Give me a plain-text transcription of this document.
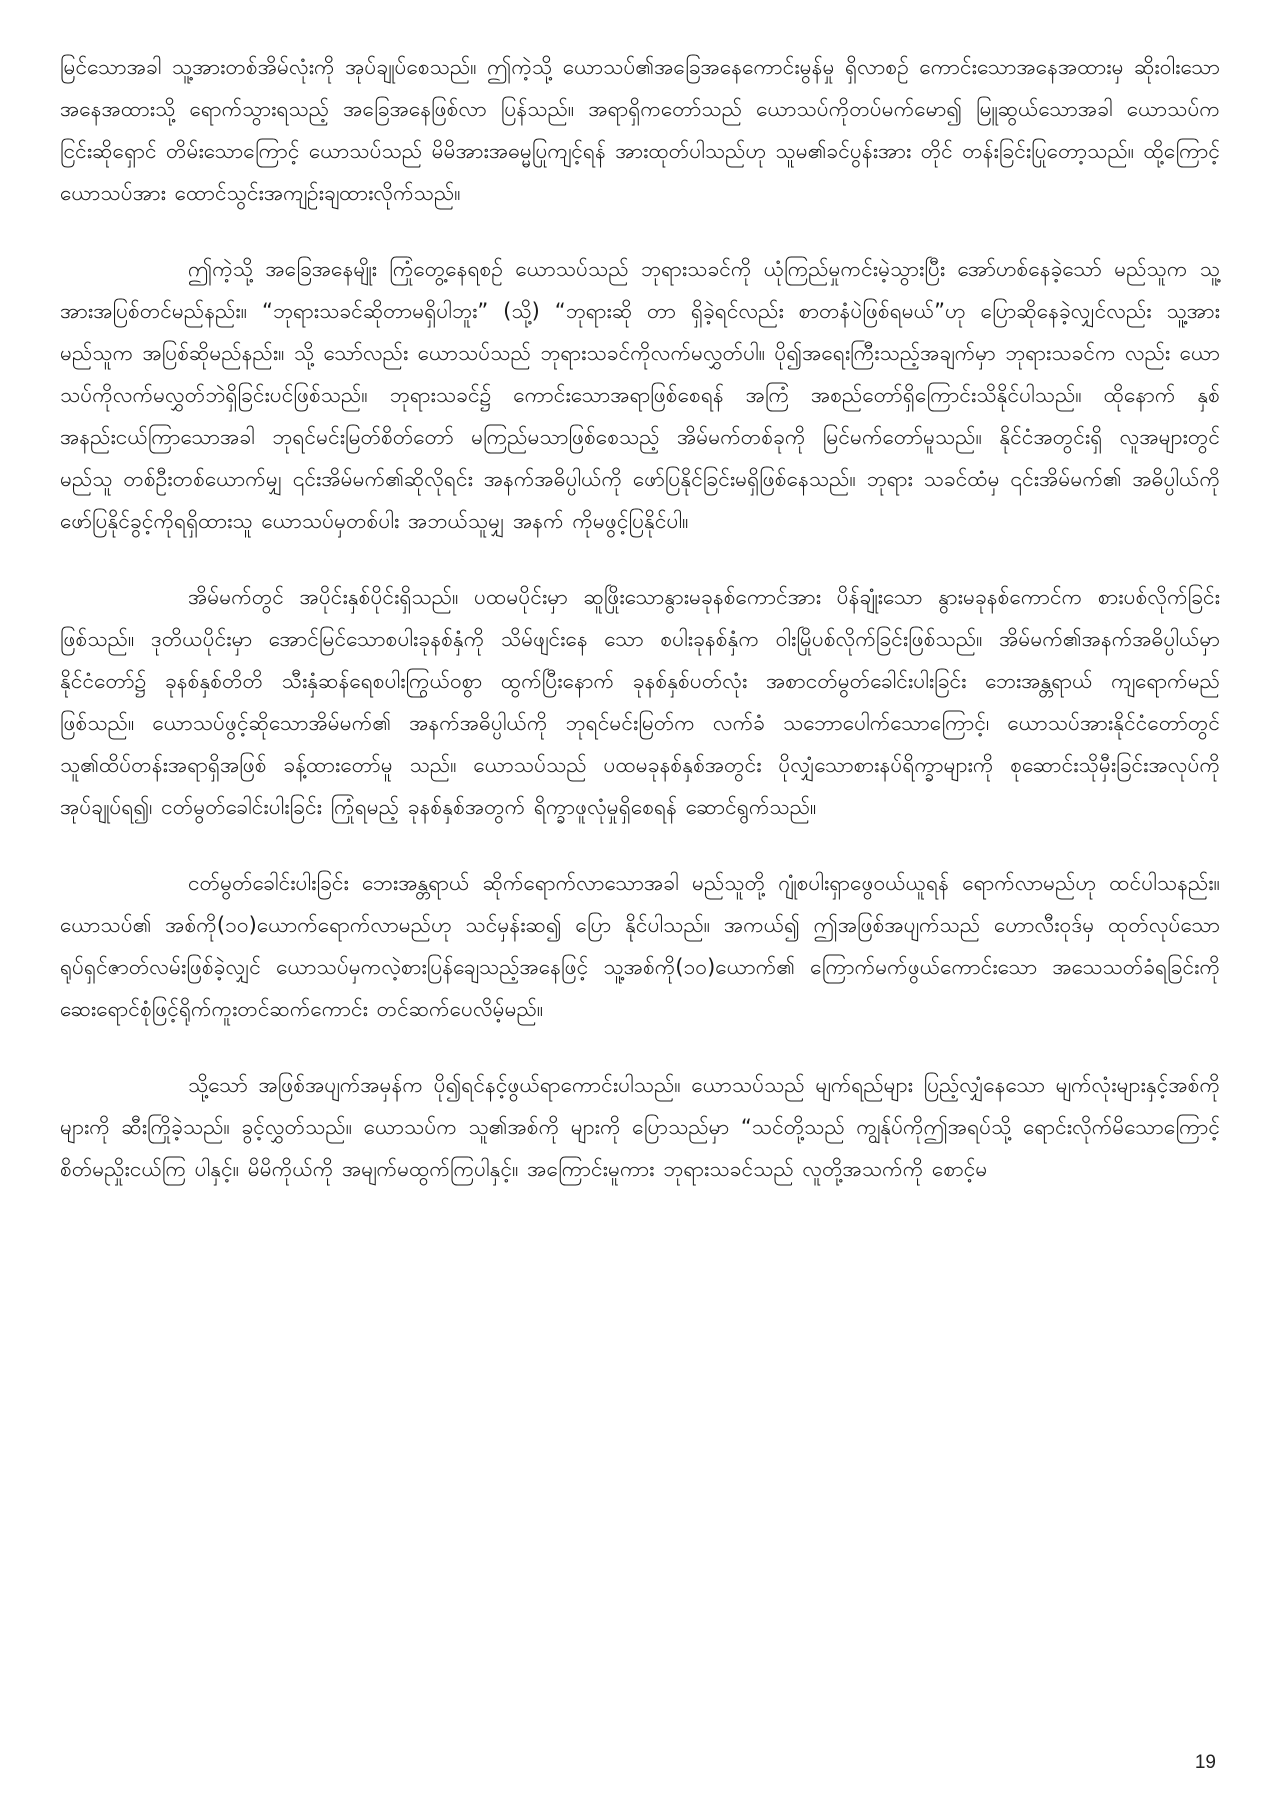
မြင်သောအခါ သူ့အားတစ်အိမ်လုံးကို အုပ်ချုပ်စေသည်။ ဤကဲ့သို့ ယောသပ်၏အခြေအနေကောင်းမွန်မှု ရှိလာစဉ် ကောင်းသောအနေအထားမှ ဆိုးဝါးသောအနေအထားသို့ ရောက်သွားရသည့် အခြေအနေဖြစ်လာ ပြန်သည်။ အရာရှိကတော်သည် ယောသပ်ကိုတပ်မက်မော၍ မြူဆွယ်သောအခါ ယောသပ်က ငြင်းဆိုရှောင် တိမ်းသောကြောင့် ယောသပ်သည် မိမိအားအဓမ္မပြုကျင့်ရန် အားထုတ်ပါသည်ဟု သူမ၏ခင်ပွန်းအား တိုင် တန်းခြင်းပြုတော့သည်။ ထို့ကြောင့် ယောသပ်အား ထောင်သွင်းအကျဉ်းချထားလိုက်သည်။

ဤကဲ့သို့ အခြေအနေမျိုး ကြုံတွေ့နေရစဉ် ယောသပ်သည် ဘုရားသခင်ကို ယုံကြည်မှုကင်းမဲ့သွားပြီး အော်ဟစ်နေခဲ့သော် မည်သူက သူ့အားအပြစ်တင်မည်နည်း။ “ဘုရားသခင်ဆိုတာမရှိပါဘူး” (သို့) “ဘုရားဆို တာ ရှိခဲ့ရင်လည်း စာတနံပဲဖြစ်ရမယ်”ဟု ပြောဆိုနေခဲ့လျှင်လည်း သူ့အားမည်သူက အပြစ်ဆိုမည်နည်း။ သို့ သော်လည်း ယောသပ်သည် ဘုရားသခင်ကိုလက်မလွှတ်ပါ။ ပို၍အရေးကြီးသည့်အချက်မှာ ဘုရားသခင်က လည်း ယောသပ်ကိုလက်မလွှတ်ဘဲရှိခြင်းပင်ဖြစ်သည်။ ဘုရားသခင်၌ ကောင်းသောအရာဖြစ်စေရန် အကြံ အစည်တော်ရှိကြောင်းသိနိုင်ပါသည်။ ထိုနောက် နှစ်အနည်းငယ်ကြာသောအခါ ဘုရင်မင်းမြတ်စိတ်တော် မကြည်မသာဖြစ်စေသည့် အိမ်မက်တစ်ခုကို မြင်မက်တော်မူသည်။ နိုင်ငံအတွင်းရှိ လူအများတွင် မည်သူ တစ်ဦးတစ်ယောက်မျှ ၎င်းအိမ်မက်၏ဆိုလိုရင်း အနက်အဓိပ္ပါယ်ကို ဖော်ပြနိုင်ခြင်းမရှိဖြစ်နေသည်။ ဘုရား သခင်ထံမှ ၎င်းအိမ်မက်၏ အဓိပ္ပါယ်ကိုဖော်ပြနိုင်ခွင့်ကိုရရှိထားသူ ယောသပ်မှတစ်ပါး အဘယ်သူမျှ အနက် ကိုမဖွင့်ပြနိုင်ပါ။

အိမ်မက်တွင် အပိုင်းနှစ်ပိုင်းရှိသည်။ ပထမပိုင်းမှာ ဆူဖြိုးသောနွားမခုနစ်ကောင်အား ပိန်ချုံးသော နွားမခုနစ်ကောင်က စားပစ်လိုက်ခြင်းဖြစ်သည်။ ဒုတိယပိုင်းမှာ အောင်မြင်သောစပါးခုနစ်နှံကို သိမ်ဖျင်းနေ သော စပါးခုနစ်နှံက ဝါးမြိုပစ်လိုက်ခြင်းဖြစ်သည်။ အိမ်မက်၏အနက်အဓိပ္ပါယ်မှာ နိုင်ငံတော်၌ ခုနစ်နှစ်တိတိ သီးနှံဆန်ရေစပါးကြွယ်ဝစွာ ထွက်ပြီးနောက် ခုနစ်နှစ်ပတ်လုံး အစာငတ်မွတ်ခေါင်းပါးခြင်း ဘေးအန္တရာယ် ကျရောက်မည်ဖြစ်သည်။ ယောသပ်ဖွင့်ဆိုသောအိမ်မက်၏ အနက်အဓိပ္ပါယ်ကို ဘုရင်မင်းမြတ်က လက်ခံ သဘောပေါက်သောကြောင့်၊ ယောသပ်အားနိုင်ငံတော်တွင် သူ၏ထိပ်တန်းအရာရှိအဖြစ် ခန့်ထားတော်မူ သည်။ ယောသပ်သည် ပထမခုနစ်နှစ်အတွင်း ပိုလျှံသောစားနပ်ရိက္ခာများကို စုဆောင်းသိုမှီးခြင်းအလုပ်ကို အုပ်ချုပ်ရ၍၊ ငတ်မွတ်ခေါင်းပါးခြင်း ကြုံရမည့် ခုနစ်နှစ်အတွက် ရိက္ခာဖူလုံမှုရှိစေရန် ဆောင်ရွက်သည်။

ငတ်မွတ်ခေါင်းပါးခြင်း ဘေးအန္တရာယ် ဆိုက်ရောက်လာသောအခါ မည်သူတို့ ဂျုံစပါးရှာဖွေဝယ်ယူရန် ရောက်လာမည်ဟု ထင်ပါသနည်း။ ယောသပ်၏ အစ်ကို(၁၀)ယောက်ရောက်လာမည်ဟု သင်မှန်းဆ၍ ပြော နိုင်ပါသည်။ အကယ်၍ ဤအဖြစ်အပျက်သည် ဟောလီးဝုဒ်မှ ထုတ်လုပ်သော ရုပ်ရှင်ဇာတ်လမ်းဖြစ်ခဲ့လျှင် ယောသပ်မှကလဲ့စားပြန်ချေသည့်အနေဖြင့် သူ့အစ်ကို(၁၀)ယောက်၏ ကြောက်မက်ဖွယ်ကောင်းသော အသေသတ်ခံရခြင်းကို ဆေးရောင်စုံဖြင့်ရိုက်ကူးတင်ဆက်ကောင်း တင်ဆက်ပေလိမ့်မည်။

သို့သော် အဖြစ်အပျက်အမှန်က ပို၍ရင်နင့်ဖွယ်ရာကောင်းပါသည်။ ယောသပ်သည် မျက်ရည်များ ပြည့်လျှံနေသော မျက်လုံးများနှင့်အစ်ကိုများကို ဆီးကြိုခဲ့သည်။ ခွင့်လွှတ်သည်။ ယောသပ်က သူ၏အစ်ကို များကို ပြောသည်မှာ “သင်တို့သည် ကျွန်ုပ်ကိုဤအရပ်သို့ ရောင်းလိုက်မိသောကြောင့် စိတ်မညှိုးငယ်ကြ ပါနှင့်။ မိမိကိုယ်ကို အမျက်မထွက်ကြပါနှင့်။ အကြောင်းမူကား ဘုရားသခင်သည် လူတို့အသက်ကို စောင့်မ

19
